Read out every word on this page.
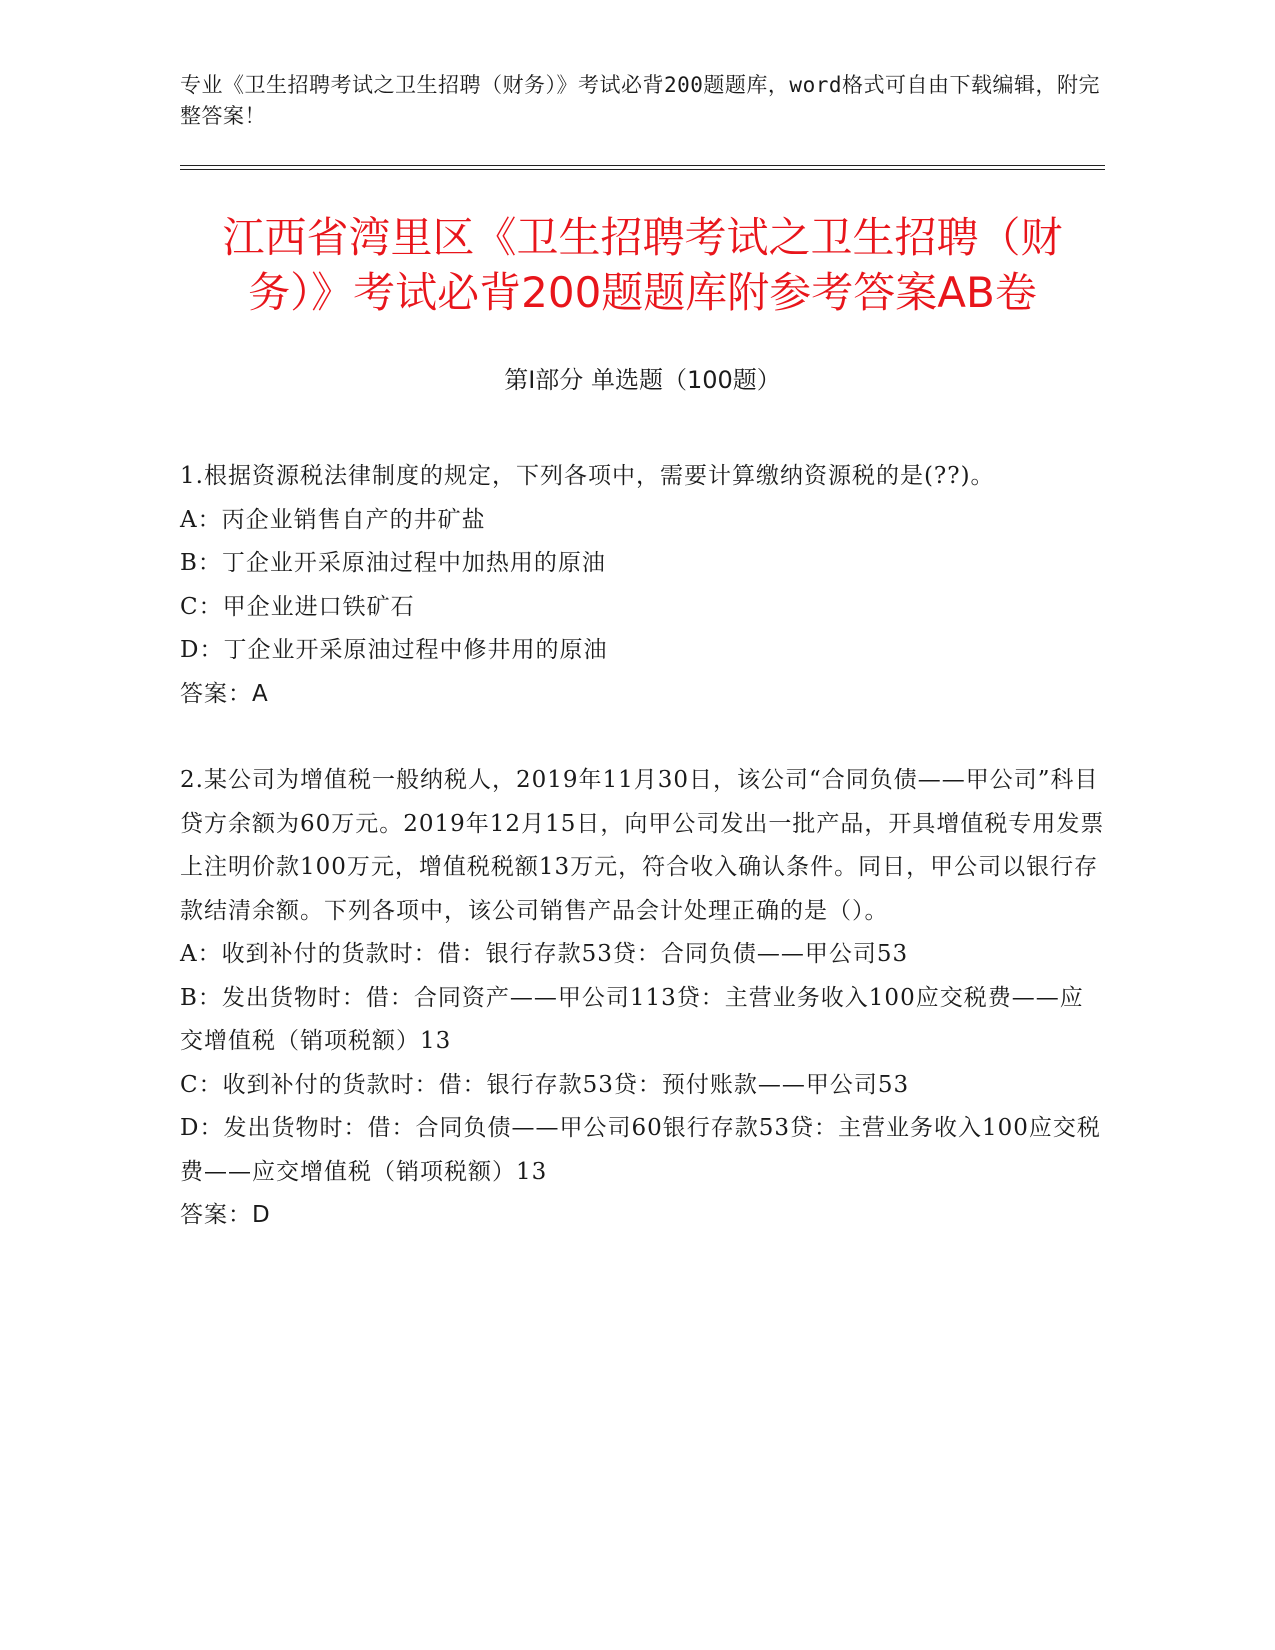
专业《卫生招聘考试之卫生招聘（财务）》考试必背200题题库，word格式可自由下载编辑，附完整答案！

江西省湾里区《卫生招聘考试之卫生招聘（财务）》考试必背200题题库附参考答案AB卷
第Ⅰ部分 单选题（100题）

1.根据资源税法律制度的规定，下列各项中，需要计算缴纳资源税的是(??)。

A：丙企业销售自产的井矿盐

B：丁企业开采原油过程中加热用的原油

C：甲企业进口铁矿石

D：丁企业开采原油过程中修井用的原油

答案：A

2.某公司为增值税一般纳税人，2019年11月30日，该公司“合同负债——甲公司”科目贷方余额为60万元。2019年12月15日，向甲公司发出一批产品，开具增值税专用发票上注明价款100万元，增值税税额13万元，符合收入确认条件。同日，甲公司以银行存款结清余额。下列各项中，该公司销售产品会计处理正确的是（）。

A：收到补付的货款时：借：银行存款53贷：合同负债——甲公司53

B：发出货物时：借：合同资产——甲公司113贷：主营业务收入100应交税费——应交增值税（销项税额）13

C：收到补付的货款时：借：银行存款53贷：预付账款——甲公司53

D：发出货物时：借：合同负债——甲公司60银行存款53贷：主营业务收入100应交税费——应交增值税（销项税额）13

答案：D
